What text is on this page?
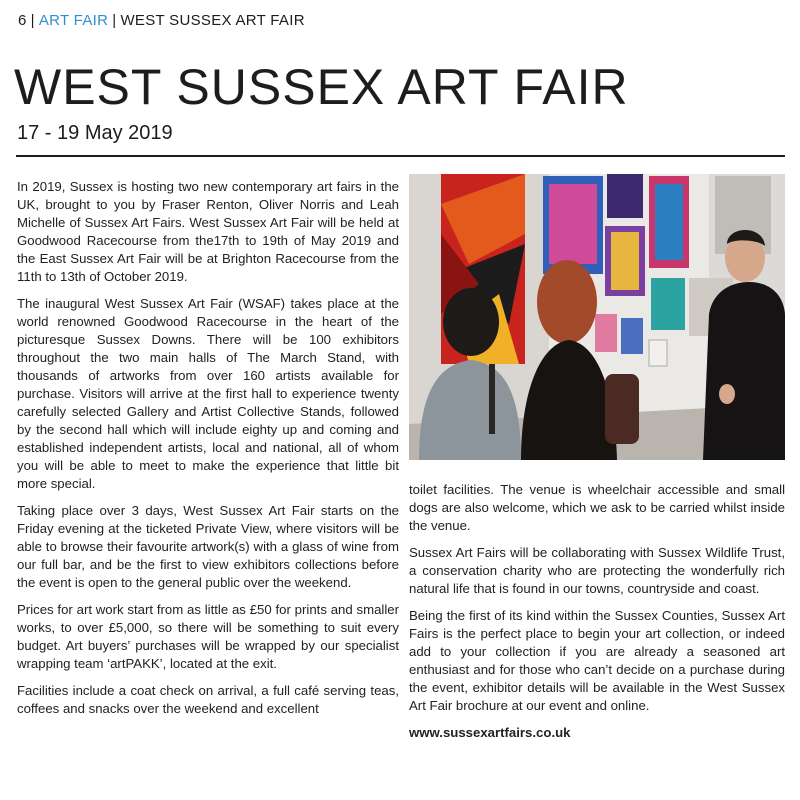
6 | ART FAIR | WEST SUSSEX ART FAIR
WEST SUSSEX ART FAIR
17 - 19 May 2019

In 2019, Sussex is hosting two new contemporary art fairs in the UK, brought to you by Fraser Renton, Oliver Norris and Leah Michelle of Sussex Art Fairs. West Sussex Art Fair will be held at Goodwood Racecourse from the17th to 19th of May 2019 and the East Sussex Art Fair will be at Brighton Racecourse from the 11th to 13th of October 2019.

The inaugural West Sussex Art Fair (WSAF) takes place at the world renowned Goodwood Racecourse in the heart of the picturesque Sussex Downs. There will be 100 exhibitors throughout the two main halls of The March Stand, with thousands of artworks from over 160 artists available for purchase. Visitors will arrive at the first hall to experience twenty carefully selected Gallery and Artist Collective Stands, followed by the second hall which will include eighty up and coming and established independent artists, local and national, all of whom you will be able to meet to make the experience that little bit more special.

Taking place over 3 days, West Sussex Art Fair starts on the Friday evening at the ticketed Private View, where visitors will be able to browse their favourite artwork(s) with a glass of wine from our full bar, and be the first to view exhibitors collections before the event is open to the general public over the weekend.

Prices for art work start from as little as £50 for prints and smaller works, to over £5,000, so there will be something to suit every budget. Art buyers’ purchases will be wrapped by our specialist wrapping team ‘artPAKK’, located at the exit.

Facilities include a coat check on arrival, a full café serving teas, coffees and snacks over the weekend and excellent

toilet facilities. The venue is wheelchair accessible and small dogs are also welcome, which we ask to be carried whilst inside the venue.

Sussex Art Fairs will be collaborating with Sussex Wildlife Trust, a conservation charity who are protecting the wonderfully rich natural life that is found in our towns, countryside and coast.

Being the first of its kind within the Sussex Counties, Sussex Art Fairs is the perfect place to begin your art collection, or indeed add to your collection if you are already a seasoned art enthusiast and for those who can’t decide on a purchase during the event, exhibitor details will be available in the West Sussex Art Fair brochure at our event and online.

www.sussexartfairs.co.uk
